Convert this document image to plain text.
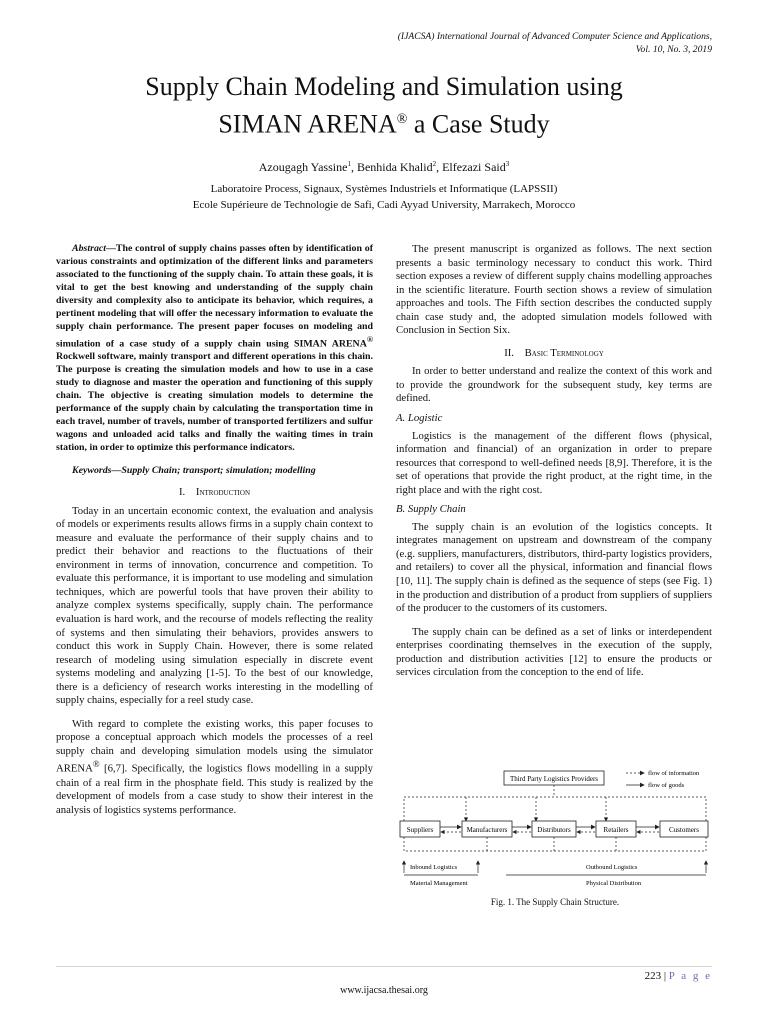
(IJACSA) International Journal of Advanced Computer Science and Applications,
Vol. 10, No. 3, 2019
Supply Chain Modeling and Simulation using
SIMAN ARENA® a Case Study
Azougagh Yassine$^1$, Benhida Khalid$^2$, Elfezazi Said$^3$
Laboratoire Process, Signaux, Systèmes Industriels et Informatique (LAPSSII)
Ecole Supérieure de Technologie de Safi, Cadi Ayyad University, Marrakech, Morocco

Abstract—The control of supply chains passes often by identification of various constraints and optimization of the different links and parameters associated to the functioning of the supply chain. To attain these goals, it is vital to get the best knowing and understanding of the supply chain diversity and complexity also to anticipate its behavior, which requires, a pertinent modeling that will offer the necessary information to evaluate the supply chain performance. The present paper focuses on modeling and simulation of a case study of a supply chain using SIMAN ARENA® Rockwell software, mainly transport and different operations in this chain. The purpose is creating the simulation models and how to use in a case study to diagnose and master the operation and functioning of this supply chain. The objective is creating simulation models to determine the performance of the supply chain by calculating the transportation time in each travel, number of travels, number of transported fertilizers and sulfur wagons and unloaded acid talks and finally the waiting times in train station, in order to optimize this performance indicators.

Keywords—Supply Chain; transport; simulation; modelling

I. Introduction

Today in an uncertain economic context, the evaluation and analysis of models or experiments results allows firms in a supply chain context to measure and evaluate the performance of their supply chains and to predict their behavior and reactions to the fluctuations of their environment in terms of innovation, concurrence and competition. To evaluate this performance, it is important to use modeling and simulation techniques, which are powerful tools that have proven their ability to analyze complex systems specifically, supply chain. The performance evaluation is hard work, and the recourse of models reflecting the reality of systems and then simulating their behaviors, provides answers to conduct this work in Supply Chain. However, there is some related research of modeling using simulation especially in discrete event systems modeling and analyzing [1-5]. To the best of our knowledge, there is a deficiency of research works interesting in the modelling of supply chains, especially for a reel study case.

With regard to complete the existing works, this paper focuses to propose a conceptual approach which models the processes of a reel supply chain and developing simulation models using the simulator ARENA® [6,7]. Specifically, the logistics flows modelling in a supply chain of a real firm in the phosphate field. This study is realized by the development of models from a case study to show their interest in the analysis of logistics systems performance.

The present manuscript is organized as follows. The next section presents a basic terminology necessary to conduct this work. Third section exposes a review of different supply chains modelling approaches in the scientific literature. Fourth section shows a review of simulation approaches and tools. The Fifth section describes the conducted supply chain case study and, the adopted simulation models followed with Conclusion in Section Six.

II. Basic Terminology

In order to better understand and realize the context of this work and to provide the groundwork for the subsequent study, key terms are defined.

A. Logistic

Logistics is the management of the different flows (physical, information and financial) of an organization in order to prepare resources that correspond to well-defined needs [8,9]. Therefore, it is the set of operations that provide the right product, at the right time, in the right place and with the right cost.

B. Supply Chain

The supply chain is an evolution of the logistics concepts. It integrates management on upstream and downstream of the company (e.g. suppliers, manufacturers, distributors, third-party logistics providers, and retailers) to cover all the physical, information and financial flows [10, 11]. The supply chain is defined as the sequence of steps (see Fig. 1) in the production and distribution of a product from suppliers of suppliers of the producer to the customers of its customers.

The supply chain can be defined as a set of links or interdependent enterprises coordinating themselves in the execution of the supply, production and distribution activities [12] to ensure the products or services circulation from the conception to the end of life.

Third Party Logistics Providers
flow of information
flow of goods
Suppliers	Manufacturers	Distributors	Retailers	Customers
Inbound Logistics	Outbound Logistics
Material Management	Physical Distribution
Fig. 1. The Supply Chain Structure.
223 | P a g e
www.ijacsa.thesai.org
